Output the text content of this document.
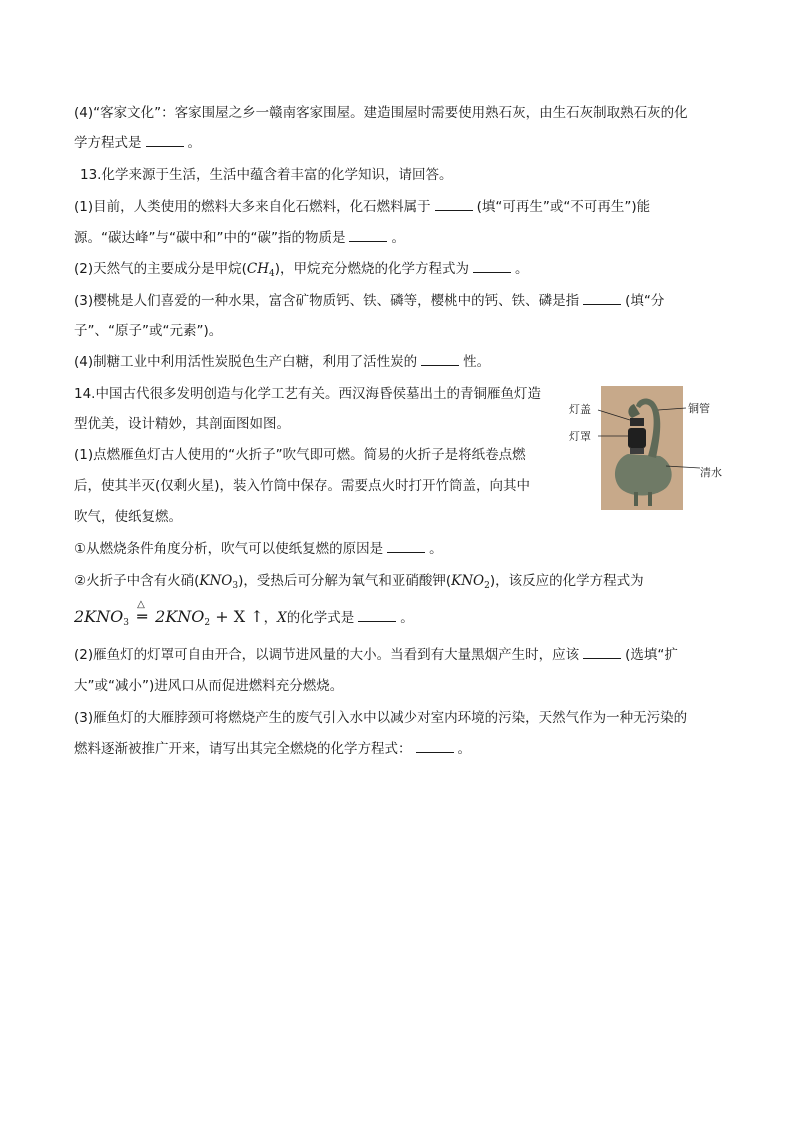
(4)“客家文化”：客家围屋之乡一赣南客家围屋。建造围屋时需要使用熟石灰，由生石灰制取熟石灰的化
学方程式是	。
13.化学来源于生活，生活中蕴含着丰富的化学知识，请回答。
(1)目前，人类使用的燃料大多来自化石燃料，化石燃料属于	(填“可再生”或“不可再生”)能
源。“碳达峰”与“碳中和”中的“碳”指的物质是	。
(2)天然气的主要成分是甲烷$(CH_4)$，甲烷充分燃烧的化学方程式为	。
(3)樱桃是人们喜爱的一种水果，富含矿物质钙、铁、磷等，樱桃中的钙、铁、磷是指	(填“分
子”、“原子”或“元素”)。
(4)制糖工业中利用活性炭脱色生产白糖，利用了活性炭的	性。
14.中国古代很多发明创造与化学工艺有关。西汉海昏侯墓出土的青铜雁鱼灯造
型优美，设计精妙，其剖面图如图。
(1)点燃雁鱼灯古人使用的“火折子”吹气即可燃。简易的火折子是将纸卷点燃
后，使其半灭(仅剩火星)，装入竹筒中保存。需要点火时打开竹筒盖，向其中
吹气，使纸复燃。
①从燃烧条件角度分析，吹气可以使纸复燃的原因是	。
②火折子中含有火硝$(KNO_3)$，受热后可分解为氧气和亚硝酸钾$(KNO_2)$，该反应的化学方程式为
$2KNO_3$
△
═ $2KNO_2 + X$ ↑，X的化学式是	。
(2)雁鱼灯的灯罩可自由开合，以调节进风量的大小。当看到有大量黑烟产生时，应该	(选填“扩
大”或“减小”)进风口从而促进燃料充分燃烧。
(3)雁鱼灯的大雁脖颈可将燃烧产生的废气引入水中以减少对室内环境的污染，天然气作为一种无污染的
燃料逐渐被推广开来，请写出其完全燃烧的化学方程式：	。
灯盖
灯罩
铜管
清水
